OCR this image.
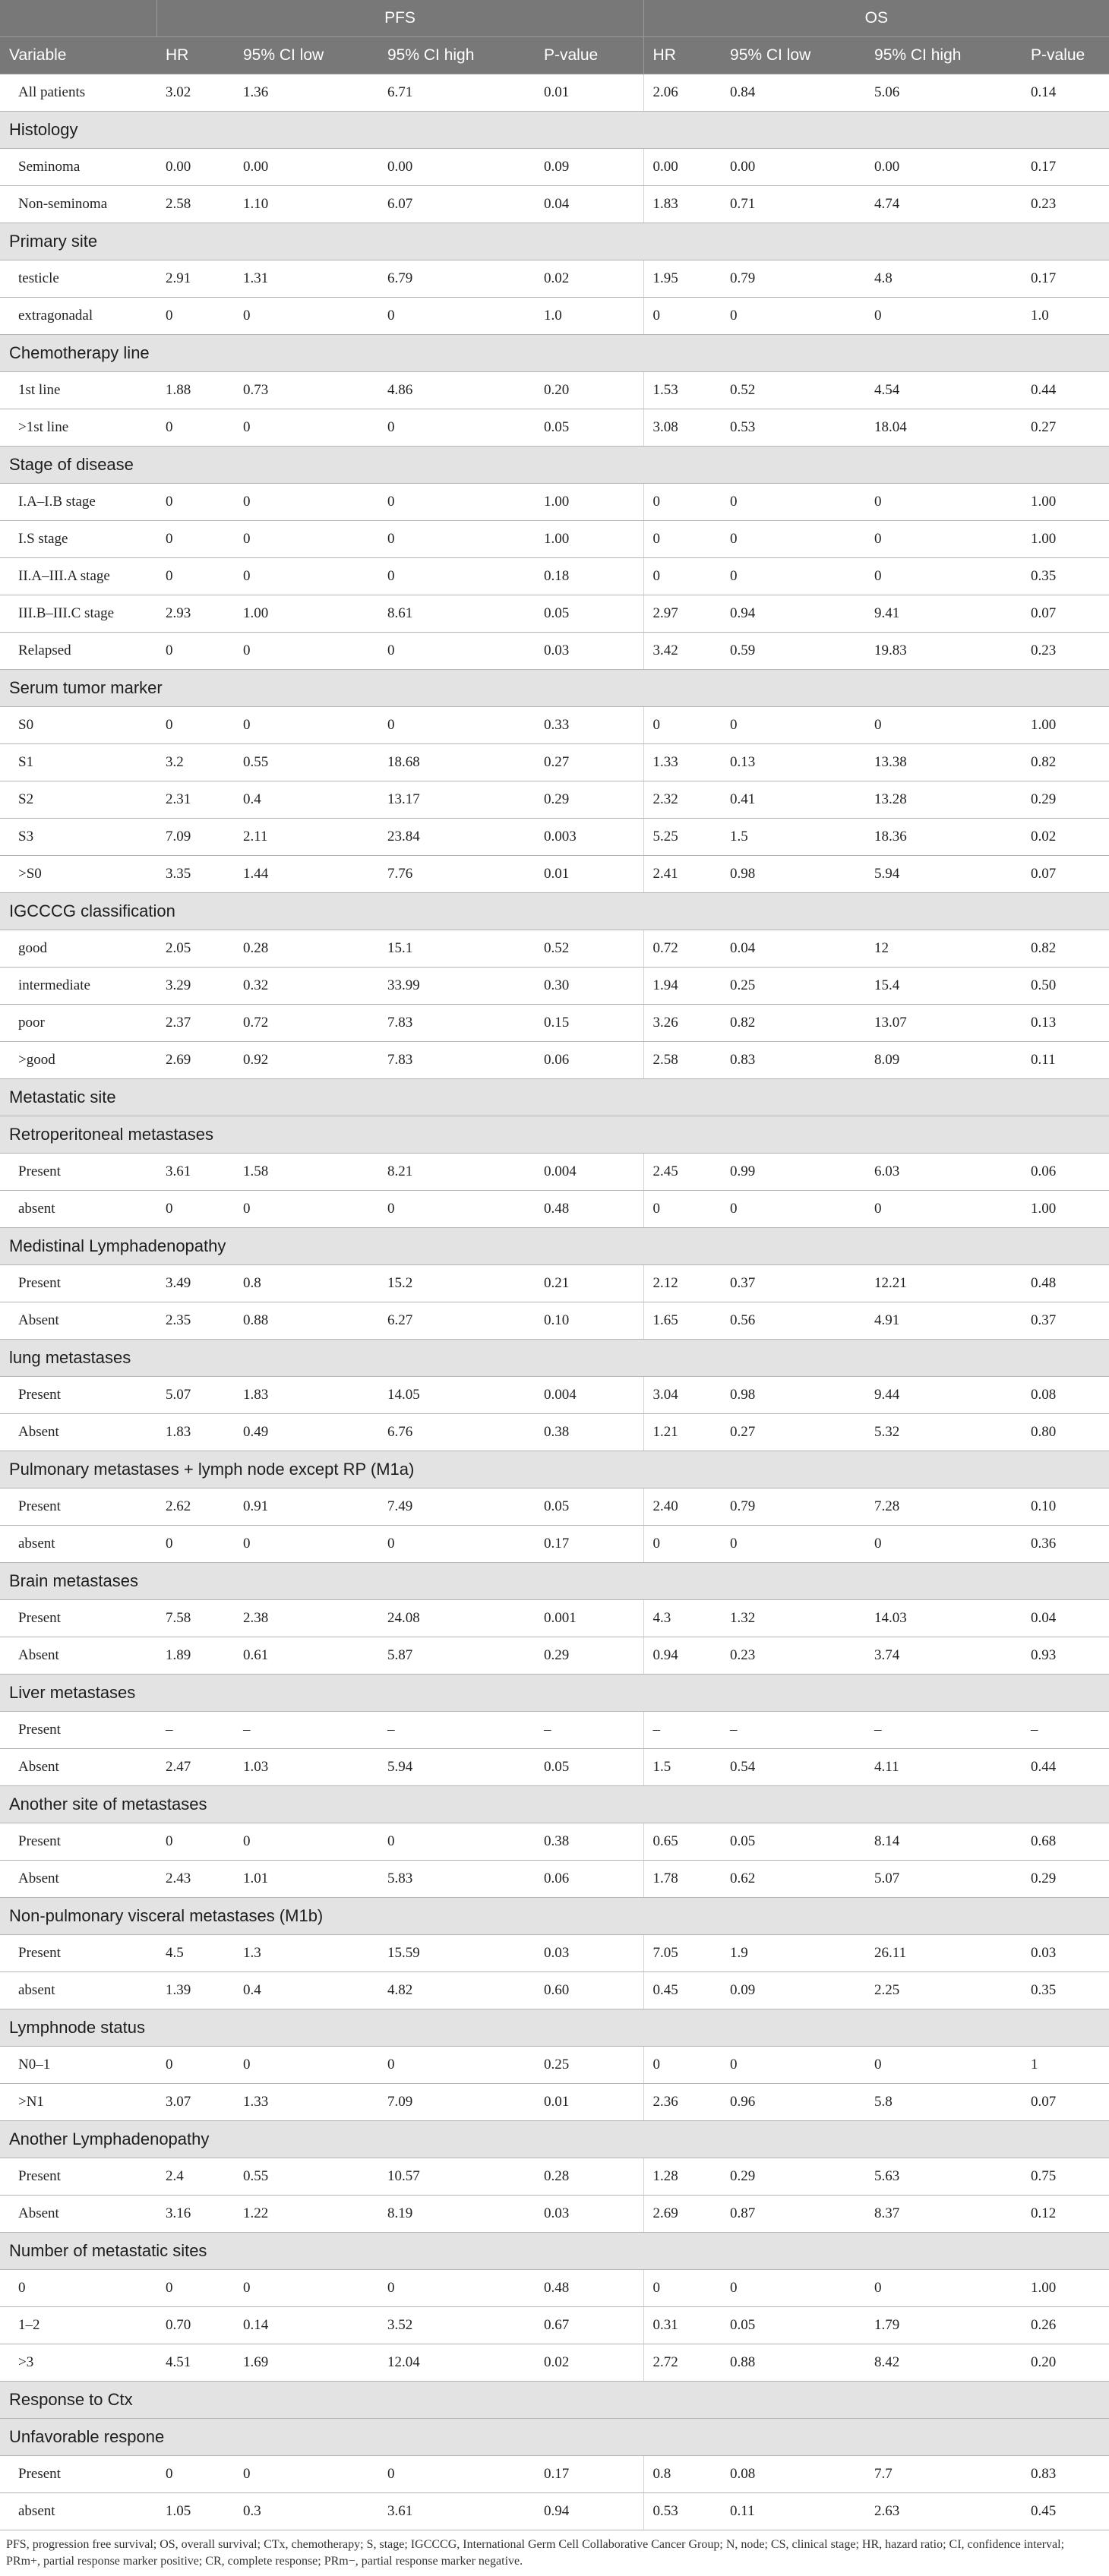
	PFS				OS			
Variable	HR	95% CI low	95% CI high	P-value	HR	95% CI low	95% CI high	P-value
All patients	3.02	1.36	6.71	0.01	2.06	0.84	5.06	0.14
Histology								
Seminoma	0.00	0.00	0.00	0.09	0.00	0.00	0.00	0.17
Non-seminoma	2.58	1.10	6.07	0.04	1.83	0.71	4.74	0.23
Primary site								
testicle	2.91	1.31	6.79	0.02	1.95	0.79	4.8	0.17
extragonadal	0	0	0	1.0	0	0	0	1.0
Chemotherapy line								
1st line	1.88	0.73	4.86	0.20	1.53	0.52	4.54	0.44
>1st line	0	0	0	0.05	3.08	0.53	18.04	0.27
Stage of disease								
I.A–I.B stage	0	0	0	1.00	0	0	0	1.00
I.S stage	0	0	0	1.00	0	0	0	1.00
II.A–III.A stage	0	0	0	0.18	0	0	0	0.35
III.B–III.C stage	2.93	1.00	8.61	0.05	2.97	0.94	9.41	0.07
Relapsed	0	0	0	0.03	3.42	0.59	19.83	0.23
Serum tumor marker								
S0	0	0	0	0.33	0	0	0	1.00
S1	3.2	0.55	18.68	0.27	1.33	0.13	13.38	0.82
S2	2.31	0.4	13.17	0.29	2.32	0.41	13.28	0.29
S3	7.09	2.11	23.84	0.003	5.25	1.5	18.36	0.02
>S0	3.35	1.44	7.76	0.01	2.41	0.98	5.94	0.07
IGCCCG classification								
good	2.05	0.28	15.1	0.52	0.72	0.04	12	0.82
intermediate	3.29	0.32	33.99	0.30	1.94	0.25	15.4	0.50
poor	2.37	0.72	7.83	0.15	3.26	0.82	13.07	0.13
>good	2.69	0.92	7.83	0.06	2.58	0.83	8.09	0.11
Metastatic site								
Retroperitoneal metastases								
Present	3.61	1.58	8.21	0.004	2.45	0.99	6.03	0.06
absent	0	0	0	0.48	0	0	0	1.00
Medistinal Lymphadenopathy								
Present	3.49	0.8	15.2	0.21	2.12	0.37	12.21	0.48
Absent	2.35	0.88	6.27	0.10	1.65	0.56	4.91	0.37
lung metastases								
Present	5.07	1.83	14.05	0.004	3.04	0.98	9.44	0.08
Absent	1.83	0.49	6.76	0.38	1.21	0.27	5.32	0.80
Pulmonary metastases + lymph node except RP (M1a)								
Present	2.62	0.91	7.49	0.05	2.40	0.79	7.28	0.10
absent	0	0	0	0.17	0	0	0	0.36
Brain metastases								
Present	7.58	2.38	24.08	0.001	4.3	1.32	14.03	0.04
Absent	1.89	0.61	5.87	0.29	0.94	0.23	3.74	0.93
Liver metastases								
Present	–	–	–	–	–	–	–	–
Absent	2.47	1.03	5.94	0.05	1.5	0.54	4.11	0.44
Another site of metastases								
Present	0	0	0	0.38	0.65	0.05	8.14	0.68
Absent	2.43	1.01	5.83	0.06	1.78	0.62	5.07	0.29
Non-pulmonary visceral metastases (M1b)								
Present	4.5	1.3	15.59	0.03	7.05	1.9	26.11	0.03
absent	1.39	0.4	4.82	0.60	0.45	0.09	2.25	0.35
Lymphnode status								
N0–1	0	0	0	0.25	0	0	0	1
>N1	3.07	1.33	7.09	0.01	2.36	0.96	5.8	0.07
Another Lymphadenopathy								
Present	2.4	0.55	10.57	0.28	1.28	0.29	5.63	0.75
Absent	3.16	1.22	8.19	0.03	2.69	0.87	8.37	0.12
Number of metastatic sites								
0	0	0	0	0.48	0	0	0	1.00
1–2	0.70	0.14	3.52	0.67	0.31	0.05	1.79	0.26
>3	4.51	1.69	12.04	0.02	2.72	0.88	8.42	0.20
Response to Ctx								
Unfavorable respone								
Present	0	0	0	0.17	0.8	0.08	7.7	0.83
absent	1.05	0.3	3.61	0.94	0.53	0.11	2.63	0.45
PFS, progression free survival; OS, overall survival; CTx, chemotherapy; S, stage; IGCCCG, International Germ Cell Collaborative Cancer Group; N, node; CS, clinical stage; HR, hazard ratio; CI, confidence interval; PRm+, partial response marker positive; CR, complete response; PRm−, partial response marker negative.
